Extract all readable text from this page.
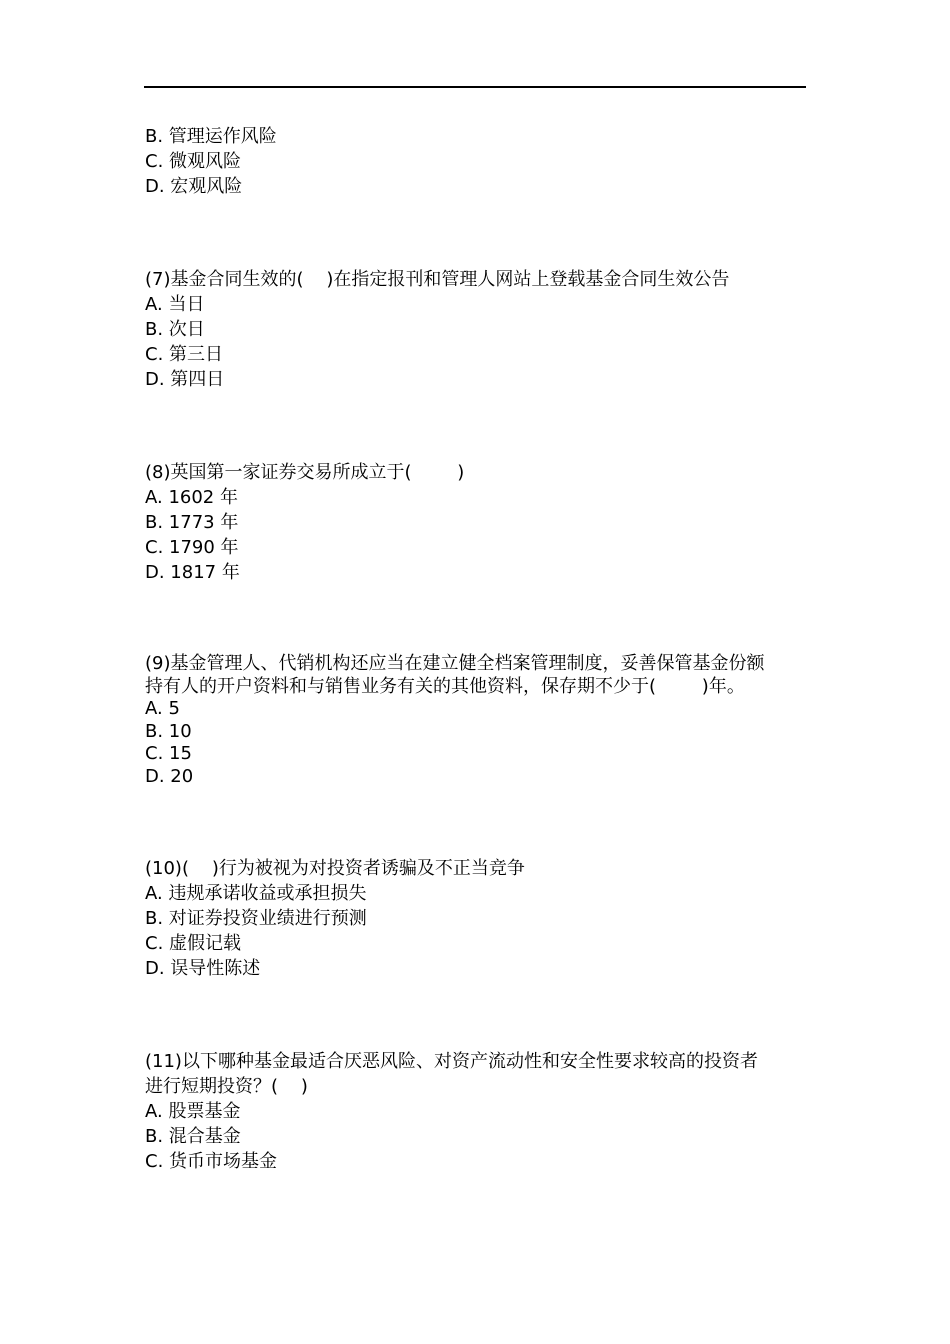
B. 管理运作风险
C. 微观风险
D. 宏观风险
(7)基金合同生效的(    )在指定报刊和管理人网站上登载基金合同生效公告
A. 当日
B. 次日
C. 第三日
D. 第四日
(8)英国第一家证券交易所成立于(        )
A. 1602 年
B. 1773 年
C. 1790 年
D. 1817 年
(9)基金管理人、代销机构还应当在建立健全档案管理制度，妥善保管基金份额
持有人的开户资料和与销售业务有关的其他资料，保存期不少于(        )年。
A. 5
B. 10
C. 15
D. 20
(10)(    )行为被视为对投资者诱骗及不正当竞争
A. 违规承诺收益或承担损失
B. 对证券投资业绩进行预测
C. 虚假记载
D. 误导性陈述
(11)以下哪种基金最适合厌恶风险、对资产流动性和安全性要求较高的投资者
进行短期投资？(    )
A. 股票基金
B. 混合基金
C. 货币市场基金
